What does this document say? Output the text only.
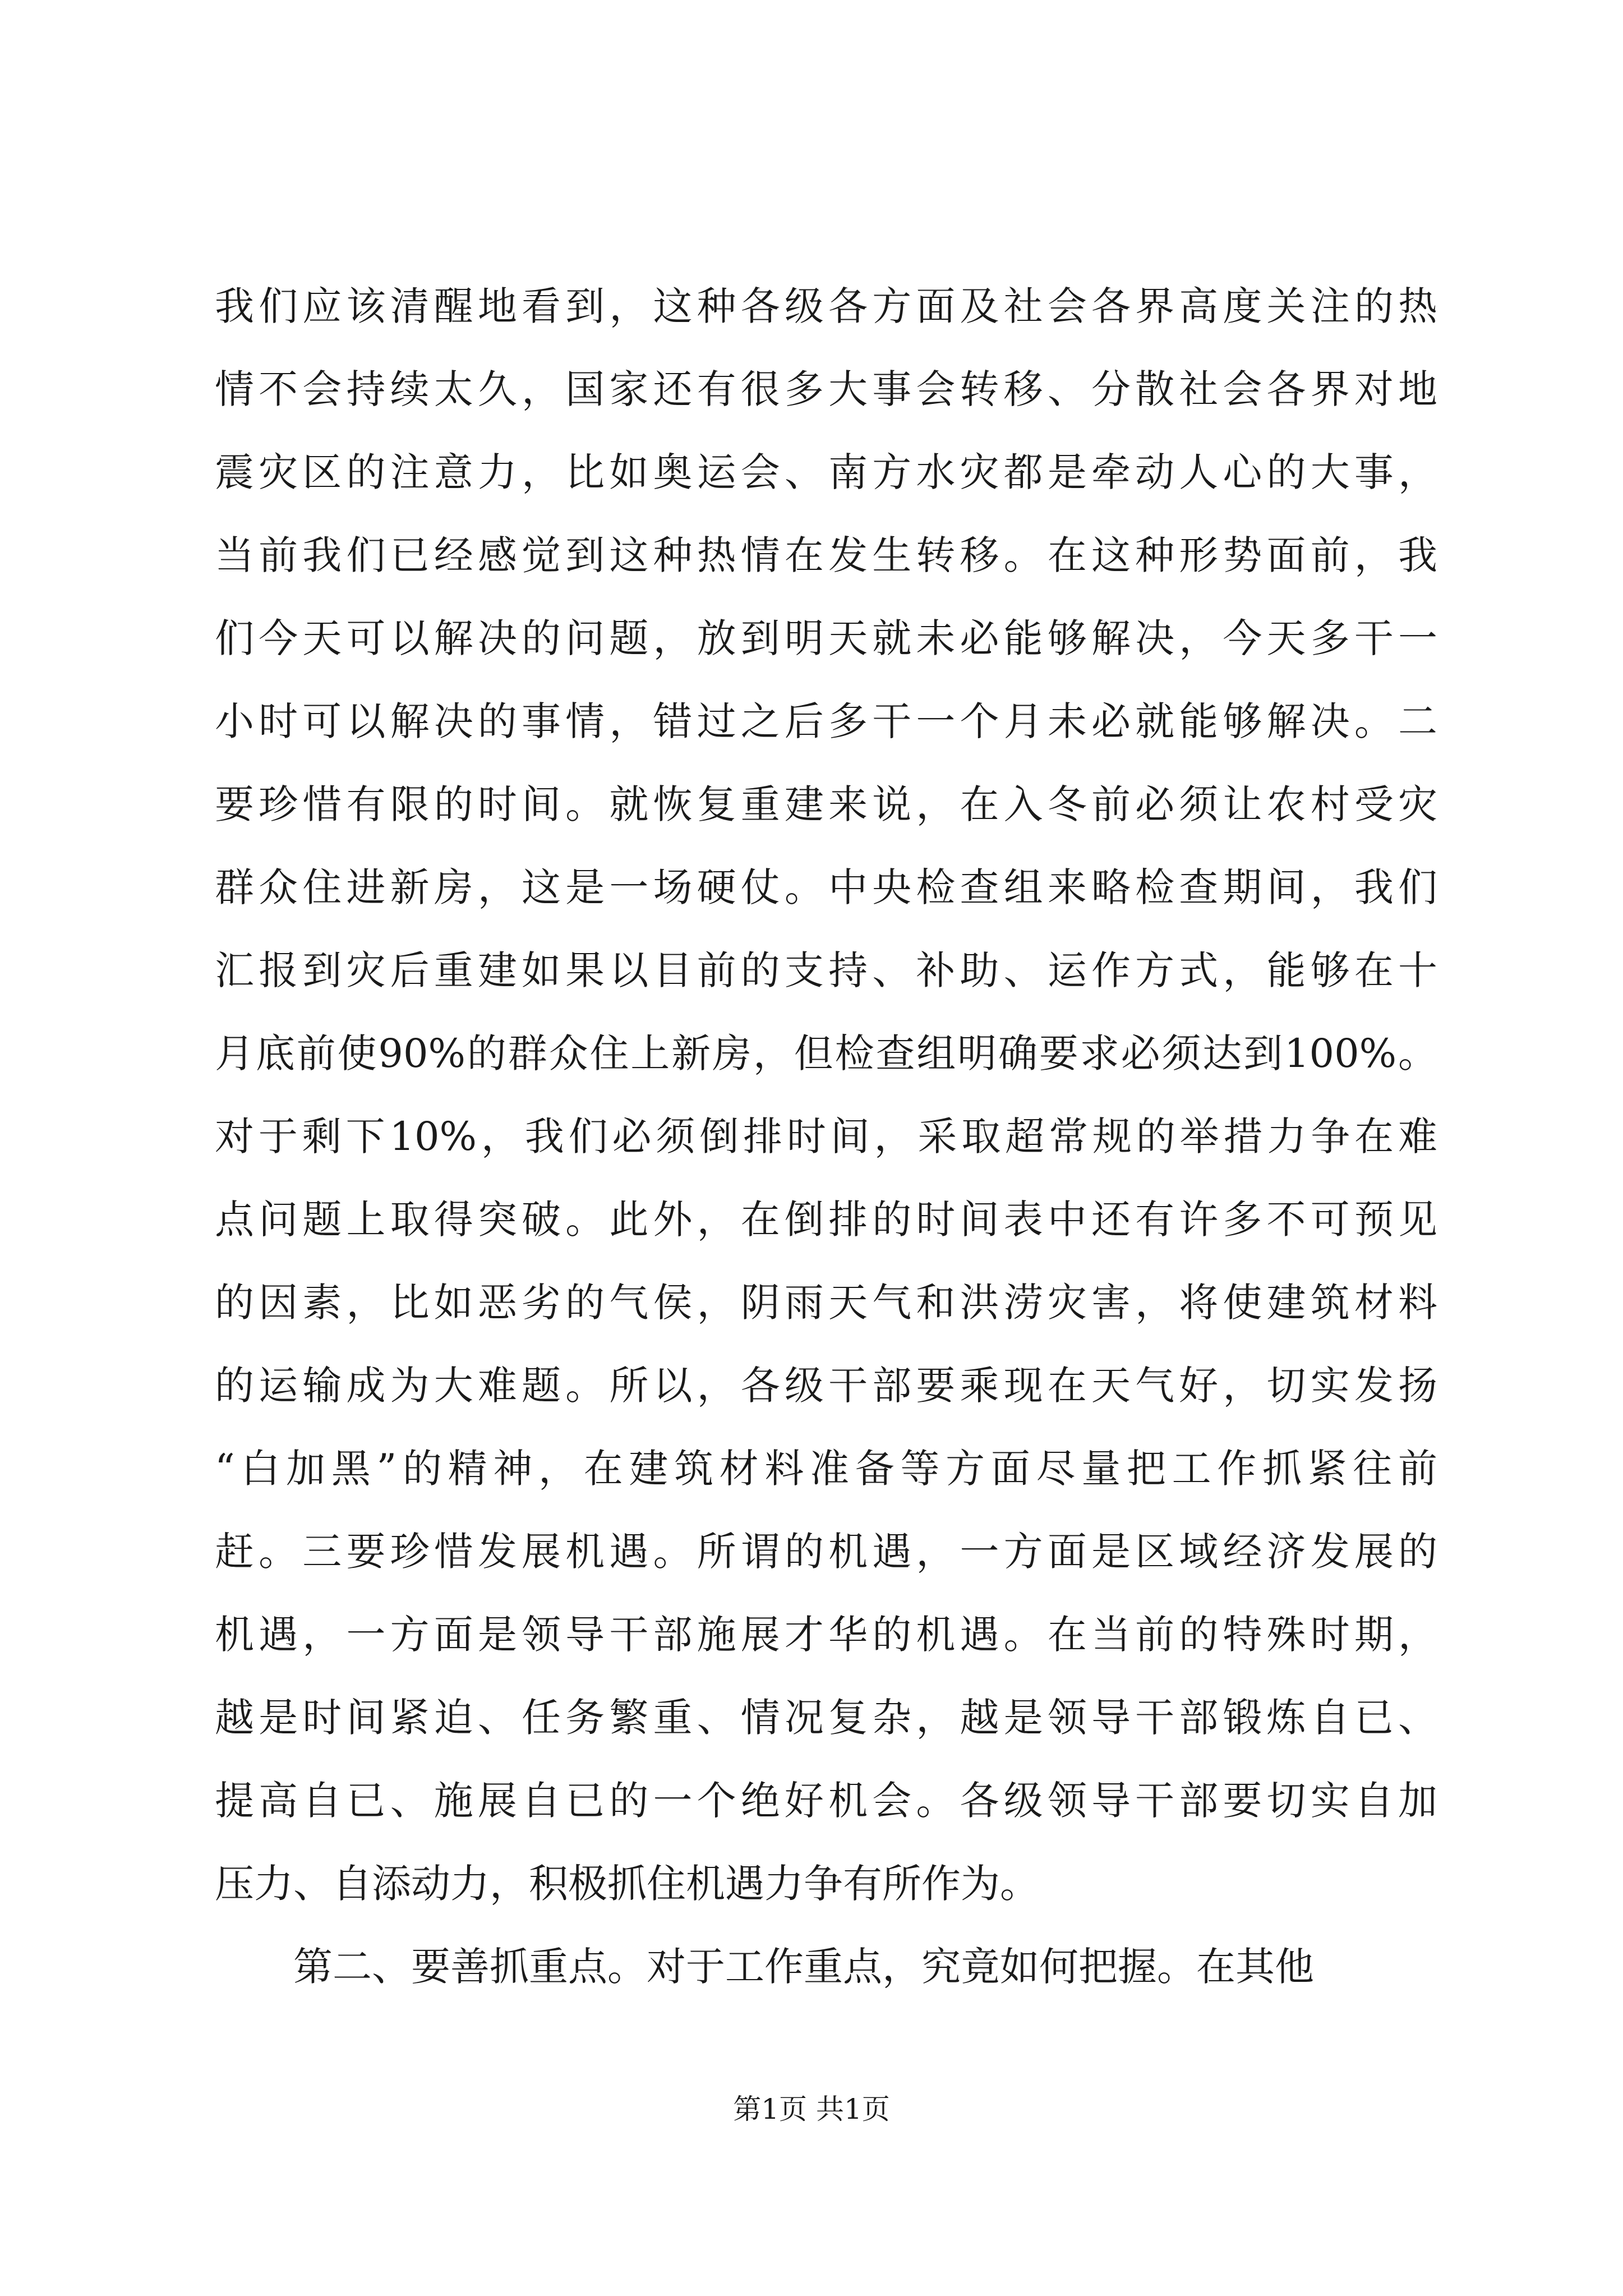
我们应该清醒地看到，这种各级各方面及社会各界高度关注的热
情不会持续太久，国家还有很多大事会转移、分散社会各界对地
震灾区的注意力，比如奥运会、南方水灾都是牵动人心的大事，
当前我们已经感觉到这种热情在发生转移。在这种形势面前，我
们今天可以解决的问题，放到明天就未必能够解决，今天多干一
小时可以解决的事情，错过之后多干一个月未必就能够解决。二
要珍惜有限的时间。就恢复重建来说，在入冬前必须让农村受灾
群众住进新房，这是一场硬仗。中央检查组来略检查期间，我们
汇报到灾后重建如果以目前的支持、补助、运作方式，能够在十
月底前使90%的群众住上新房，但检查组明确要求必须达到100%。
对于剩下10%，我们必须倒排时间，采取超常规的举措力争在难
点问题上取得突破。此外，在倒排的时间表中还有许多不可预见
的因素，比如恶劣的气侯，阴雨天气和洪涝灾害，将使建筑材料
的运输成为大难题。所以，各级干部要乘现在天气好，切实发扬
“白加黑”的精神，在建筑材料准备等方面尽量把工作抓紧往前
赶。三要珍惜发展机遇。所谓的机遇，一方面是区域经济发展的
机遇，一方面是领导干部施展才华的机遇。在当前的特殊时期，
越是时间紧迫、任务繁重、情况复杂，越是领导干部锻炼自已、
提高自已、施展自已的一个绝好机会。各级领导干部要切实自加
压力、自添动力，积极抓住机遇力争有所作为。
第二、要善抓重点。对于工作重点，究竟如何把握。在其他
第1页 共1页
